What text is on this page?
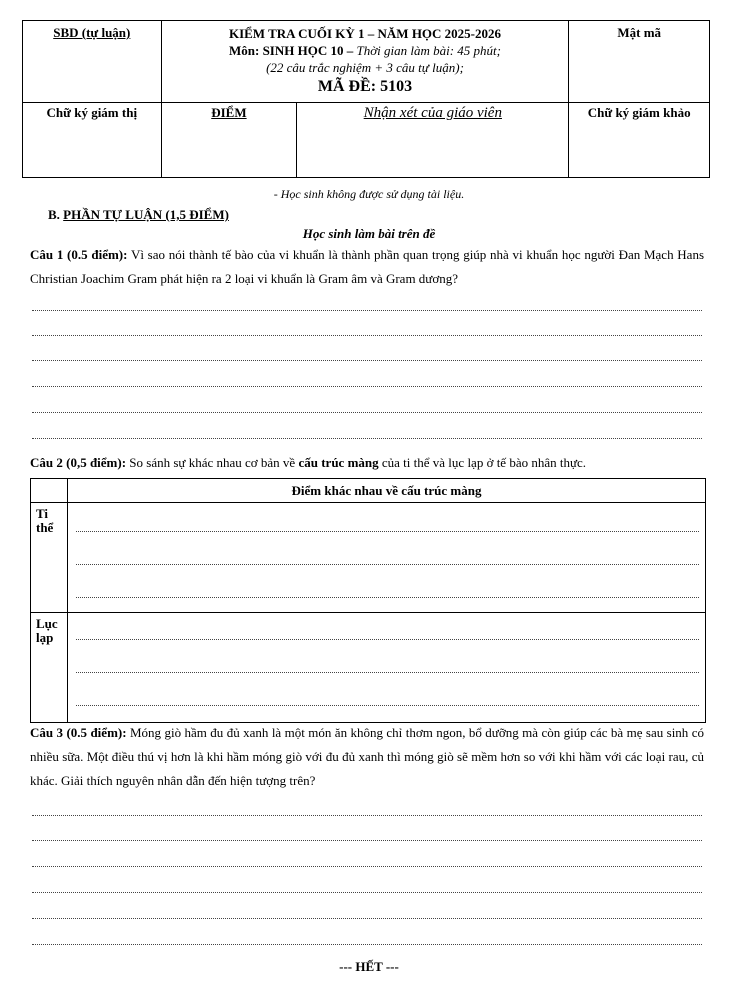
SBD (tự luận)	KIỂM TRA CUỐI KỲ 1 – NĂM HỌC 2025-2026
Môn: SINH HỌC 10 – Thời gian làm bài: 45 phút;
(22 câu trắc nghiệm + 3 câu tự luận);
MÃ ĐỀ: 5103		Mật mã

Chữ ký giám thị	ĐIỂM	Nhận xét của giáo viên	Chữ ký giám khảo
- Học sinh không được sử dụng tài liệu.
B. PHẦN TỰ LUẬN (1,5 ĐIỂM)
Học sinh làm bài trên đề
Câu 1 (0.5 điểm): Vì sao nói thành tế bào của vi khuẩn là thành phần quan trọng giúp nhà vi khuẩn học người Đan Mạch Hans Christian Joachim Gram phát hiện ra 2 loại vi khuẩn là Gram âm và Gram dương?
Câu 2 (0,5 điểm): So sánh sự khác nhau cơ bản về cấu trúc màng của ti thể và lục lạp ở tế bào nhân thực.
	Điểm khác nhau về cấu trúc màng

Ti thể	

Lục lạp	

Câu 3 (0.5 điểm): Móng giò hầm đu đủ xanh là một món ăn không chỉ thơm ngon, bổ dưỡng mà còn giúp các bà mẹ sau sinh có nhiều sữa. Một điều thú vị hơn là khi hầm móng giò với đu đủ xanh thì móng giò sẽ mềm hơn so với khi hầm với các loại rau, củ khác. Giải thích nguyên nhân dẫn đến hiện tượng trên?
--- HẾT ---
